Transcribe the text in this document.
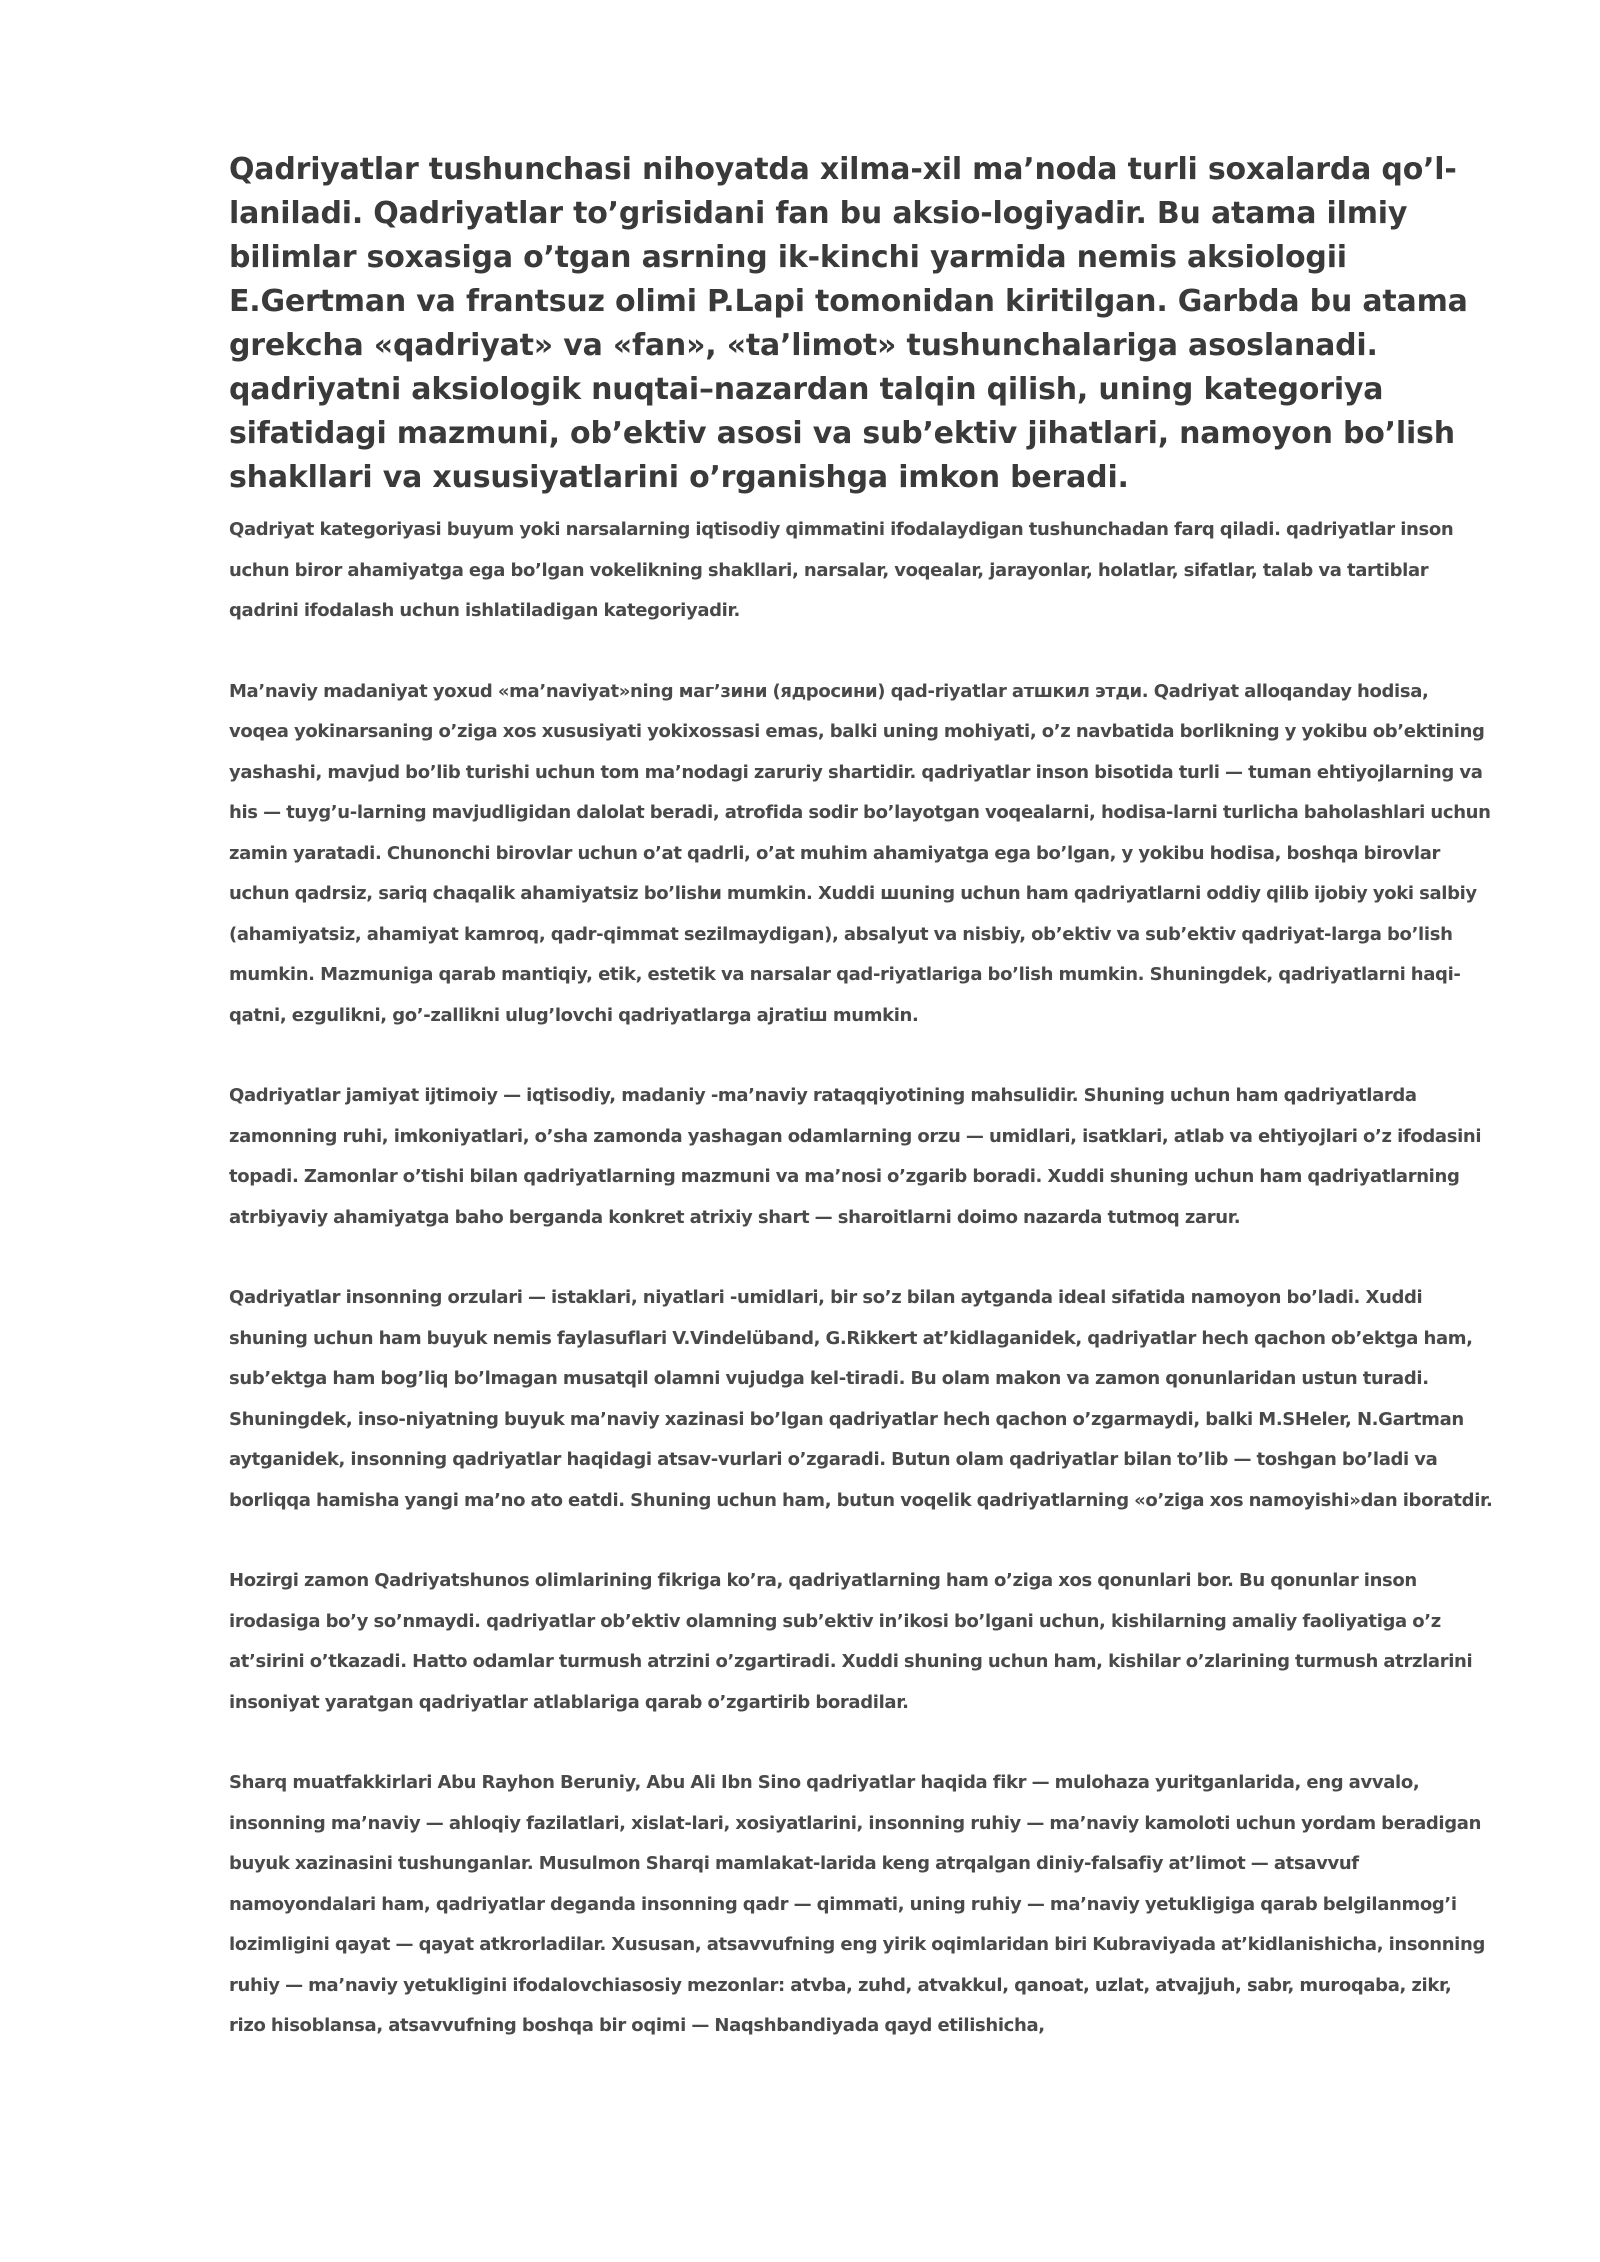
Qadriyatlar tushunchasi nihoyatda xilma-xil ma’noda turli soxalarda qo’l-laniladi. Qadriyatlar to’grisidani fan bu aksio-logiyadir. Bu atama ilmiy bilimlar soxasiga o’tgan asrning ik-kinchi yarmida nemis aksiologii E.Gertman va frantsuz olimi P.Lapi tomonidan kiritilgan. Garbda bu atama grekcha «qadriyat» va «fan», «ta’limot» tushunchalariga asoslanadi. qadriyatni aksiologik nuqtai–nazardan talqin qilish, uning kategoriya sifatidagi mazmuni, ob’ektiv asosi va sub’ektiv jihatlari, namoyon bo’lish shakllari va xususiyatlarini o’rganishga imkon beradi.

Qadriyat kategoriyasi buyum yoki narsalarning iqtisodiy qimmatini ifodalaydigan tushunchadan farq qiladi. qadriyatlar inson uchun biror ahamiyatga ega bo’lgan vokelikning shakllari, narsalar, voqealar, jarayonlar, holatlar, sifatlar, talab va tartiblar qadrini ifodalash uchun ishlatiladigan kategoriyadir.

Ma’naviy madaniyat yoxud «ma’naviyat»ning маг’зини (ядросини) qad-riyatlar атшкил этди. Qadriyat alloqanday hodisa, voqea yokinarsaning o’ziga xos xususiyati yokixossasi emas, balki uning mohiyati, o’z navbatida borlikning y yokibu ob’ektining yashashi, mavjud bo’lib turishi uchun tom ma’nodagi zaruriy shartidir. qadriyatlar inson bisotida turli — tuman ehtiyojlarning va his — tuyg’u-larning mavjudligidan dalolat beradi, atrofida sodir bo’layotgan voqealarni, hodisa-larni turlicha baholashlari uchun zamin yaratadi. Chunonchi birovlar uchun o’at qadrli, o’at muhim ahamiyatga ega bo’lgan, y yokibu hodisa, boshqa birovlar uchun qadrsiz, sariq chaqalik ahamiyatsiz bo’lishи mumkin. Xuddi шuning uchun ham qadriyatlarni oddiy qilib ijobiy yoki salbiy (ahamiyatsiz, ahamiyat kamroq, qadr-qimmat sezilmaydigan), absalyut va nisbiy, ob’ektiv va sub’ektiv qadriyat-larga bo’lish mumkin. Mazmuniga qarab mantiqiy, etik, estetik va narsalar qad-riyatlariga bo’lish mumkin. Shuningdek, qadriyatlarni haqi-qatni, ezgulikni, go’-zallikni ulug’lovchi qadriyatlarga ajratiш mumkin.

Qadriyatlar jamiyat ijtimoiy — iqtisodiy, madaniy -ma’naviy rataqqiyotining mahsulidir. Shuning uchun ham qadriyatlarda zamonning ruhi, imkoniyatlari, o’sha zamonda yashagan odamlarning orzu — umidlari, isatklari, atlab va ehtiyojlari o’z ifodasini topadi. Zamonlar o’tishi bilan qadriyatlarning mazmuni va ma’nosi o’zgarib boradi. Xuddi shuning uchun ham qadriyatlarning atrbiyaviy ahamiyatga baho berganda konkret atrixiy shart — sharoitlarni doimo nazarda tutmoq zarur.

Qadriyatlar insonning orzulari — istaklari, niyatlari -umidlari, bir so’z bilan aytganda ideal sifatida namoyon bo’ladi. Xuddi shuning uchun ham buyuk nemis faylasuflari V.Vindelüband, G.Rikkert at’kidlaganidek, qadriyatlar hech qachon ob’ektga ham, sub’ektga ham bog’liq bo’lmagan musatqil olamni vujudga kel-tiradi. Bu olam makon va zamon qonunlaridan ustun turadi. Shuningdek, inso-niyatning buyuk ma’naviy xazinasi bo’lgan qadriyatlar hech qachon o’zgarmaydi, balki M.SHeler, N.Gartman aytganidek, insonning qadriyatlar haqidagi atsav-vurlari o’zgaradi. Butun olam qadriyatlar bilan to’lib — toshgan bo’ladi va borliqqa hamisha yangi ma’no ato eatdi. Shuning uchun ham, butun voqelik qadriyatlarning «o’ziga xos namoyishi»dan iboratdir.

Hozirgi zamon Qadriyatshunos olimlarining fikriga ko’ra, qadriyatlarning ham o’ziga xos qonunlari bor. Bu qonunlar inson irodasiga bo’y so’nmaydi. qadriyatlar ob’ektiv olamning sub’ektiv in’ikosi bo’lgani uchun, kishilarning amaliy faoliyatiga o’z at’sirini o’tkazadi. Hatto odamlar turmush atrzini o’zgartiradi. Xuddi shuning uchun ham, kishilar o’zlarining turmush atrzlarini insoniyat yaratgan qadriyatlar atlablariga qarab o’zgartirib boradilar.

Sharq muatfakkirlari Abu Rayhon Beruniy, Abu Ali Ibn Sino qadriyatlar haqida fikr — mulohaza yuritganlarida, eng avvalo, insonning ma’naviy — ahloqiy fazilatlari, xislat-lari, xosiyatlarini, insonning ruhiy — ma’naviy kamoloti uchun yordam beradigan buyuk xazinasini tushunganlar. Musulmon Sharqi mamlakat-larida keng atrqalgan diniy-falsafiy at’limot — atsavvuf namoyondalari ham, qadriyatlar deganda insonning qadr — qimmati, uning ruhiy — ma’naviy yetukligiga qarab belgilanmog’i lozimligini qayat — qayat atkrorladilar. Xususan, atsavvufning eng yirik oqimlaridan biri Kubraviyada at’kidlanishicha, insonning ruhiy — ma’naviy yetukligini ifodalovchiasosiy mezonlar: atvba, zuhd, atvakkul, qanoat, uzlat, atvajjuh, sabr, muroqaba, zikr, rizo hisoblansa, atsavvufning boshqa bir oqimi — Naqshbandiyada qayd etilishicha,
